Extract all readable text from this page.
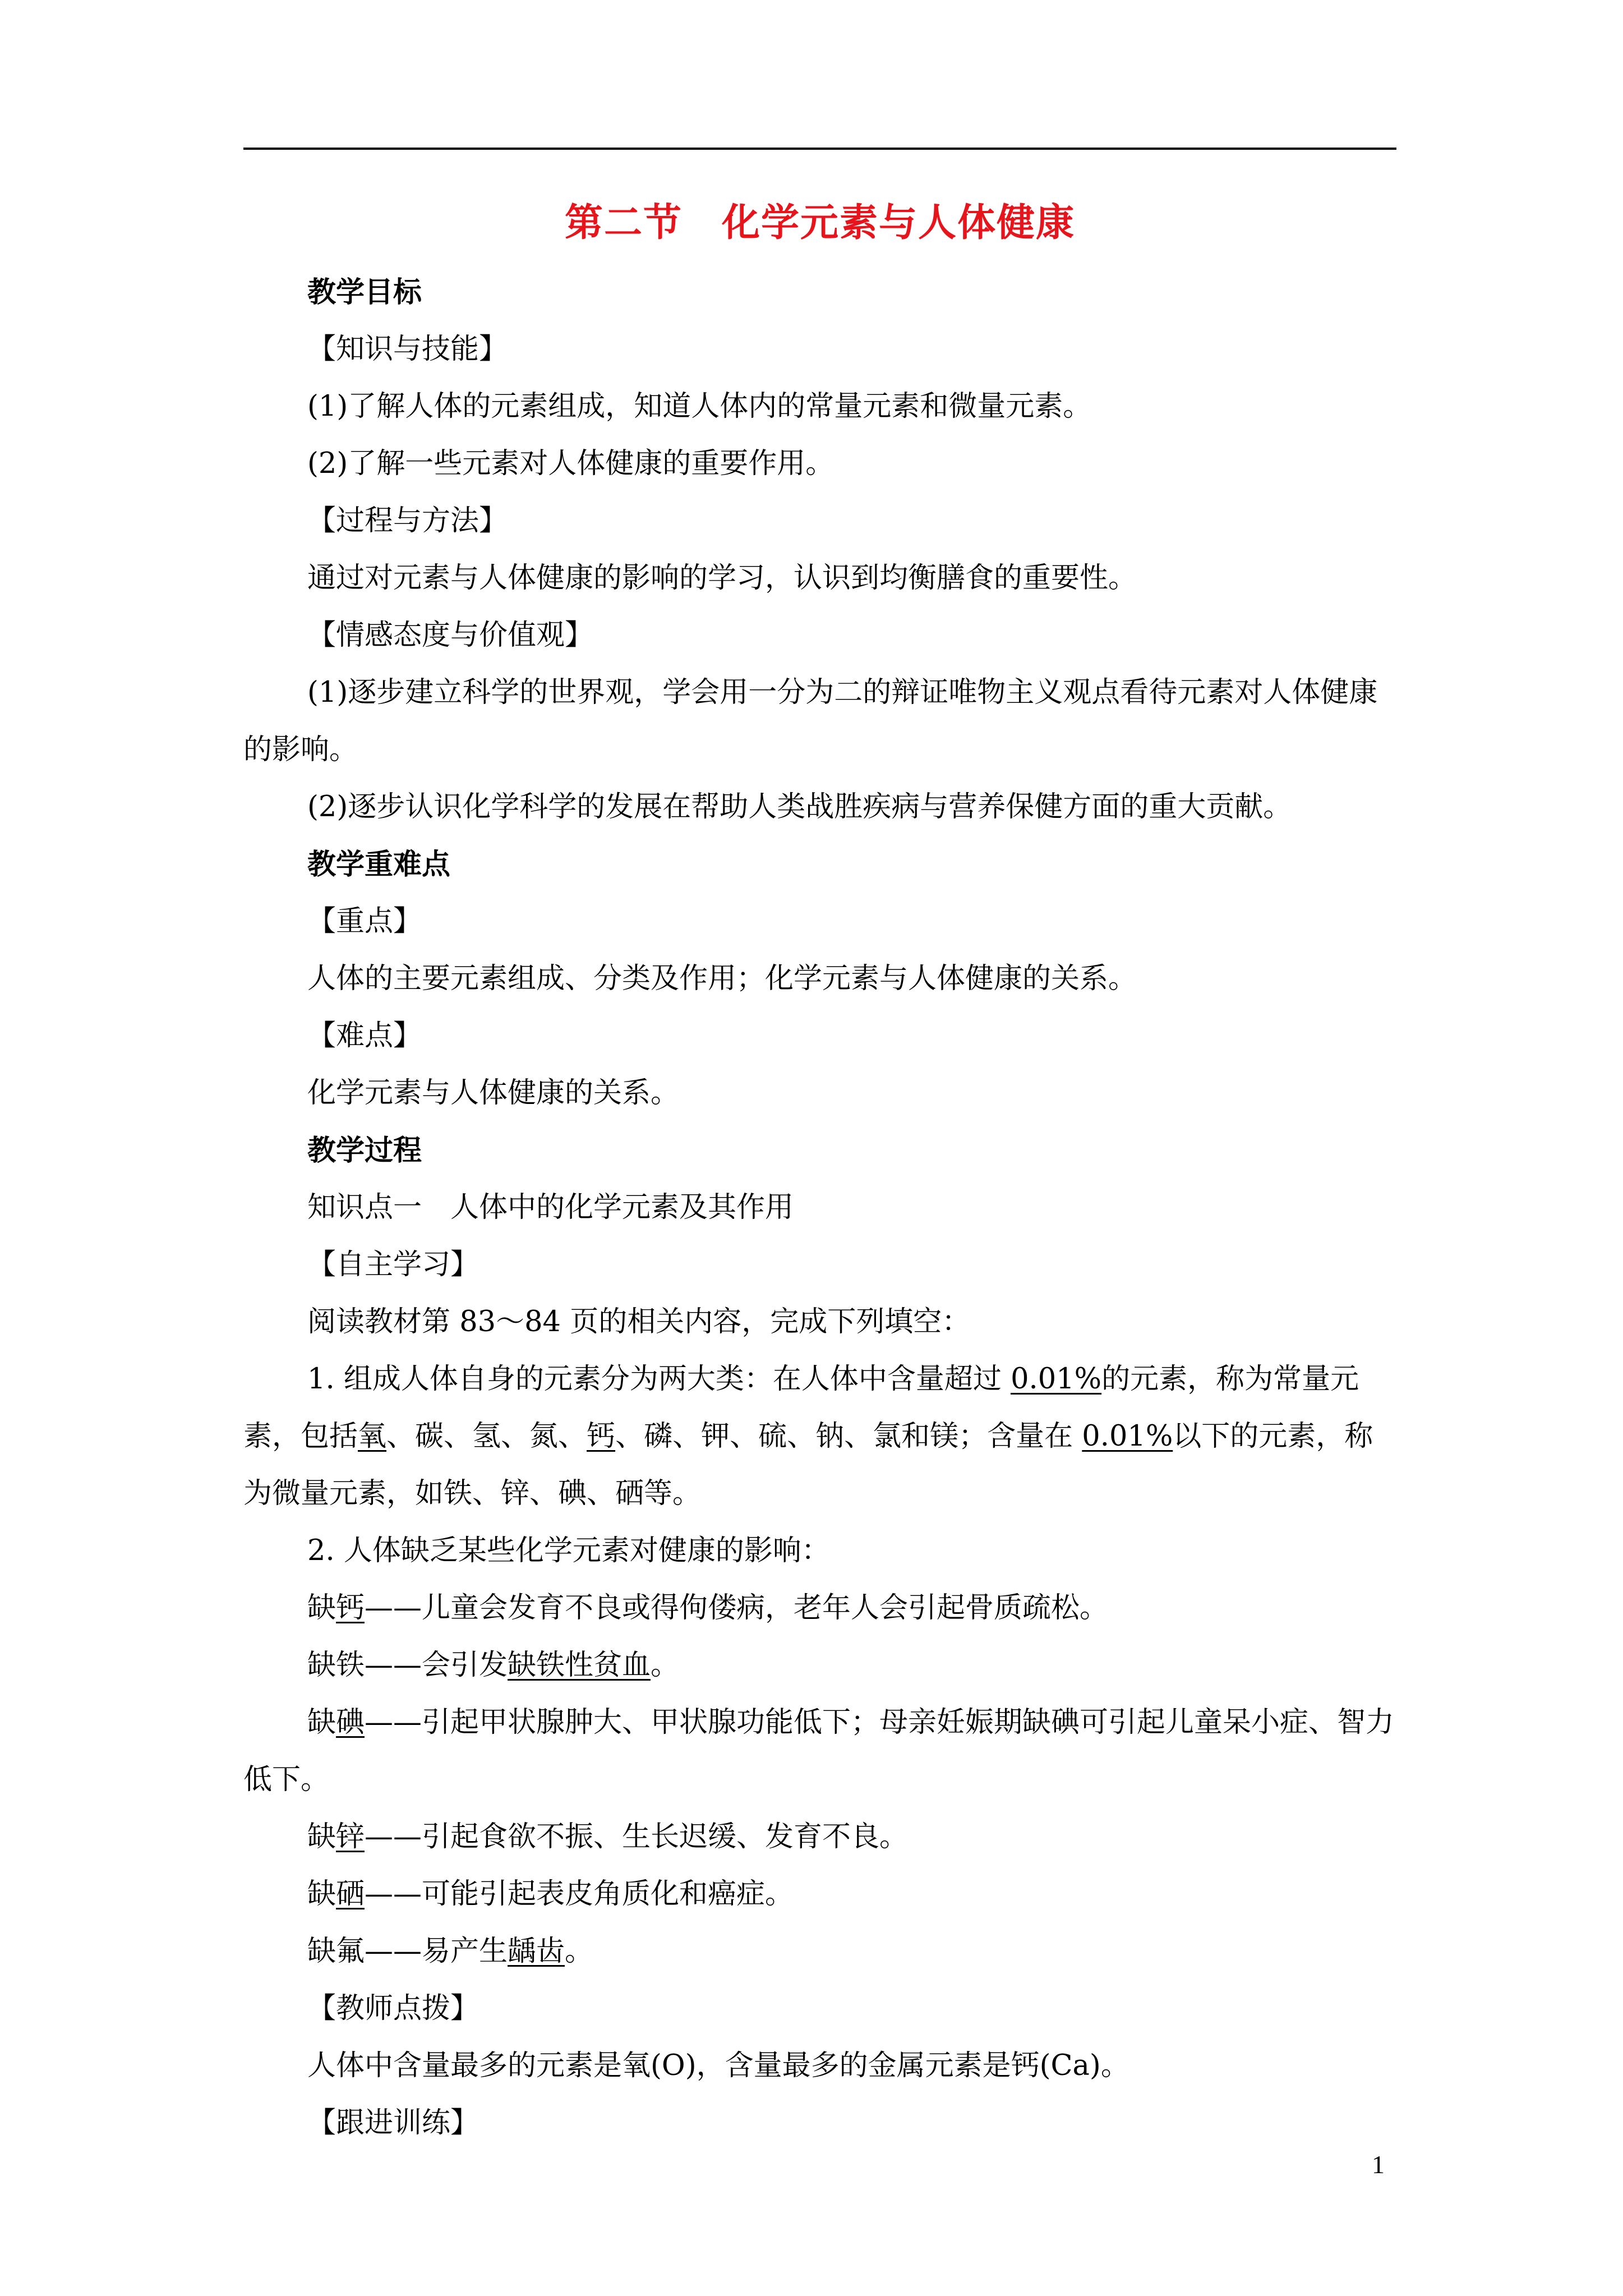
第二节　化学元素与人体健康

教学目标

【知识与技能】

(1)了解人体的元素组成，知道人体内的常量元素和微量元素。

(2)了解一些元素对人体健康的重要作用。

【过程与方法】

通过对元素与人体健康的影响的学习，认识到均衡膳食的重要性。

【情感态度与价值观】

(1)逐步建立科学的世界观，学会用一分为二的辩证唯物主义观点看待元素对人体健康的影响。

(2)逐步认识化学科学的发展在帮助人类战胜疾病与营养保健方面的重大贡献。

教学重难点

【重点】

人体的主要元素组成、分类及作用；化学元素与人体健康的关系。

【难点】

化学元素与人体健康的关系。

教学过程

知识点一　人体中的化学元素及其作用

【自主学习】

阅读教材第 83～84 页的相关内容，完成下列填空：

1. 组成人体自身的元素分为两大类：在人体中含量超过 0.01%的元素，称为常量元素，包括氧、碳、氢、氮、钙、磷、钾、硫、钠、氯和镁；含量在 0.01%以下的元素，称为微量元素，如铁、锌、碘、硒等。

2. 人体缺乏某些化学元素对健康的影响：

缺钙——儿童会发育不良或得佝偻病，老年人会引起骨质疏松。

缺铁——会引发缺铁性贫血。

缺碘——引起甲状腺肿大、甲状腺功能低下；母亲妊娠期缺碘可引起儿童呆小症、智力低下。

缺锌——引起食欲不振、生长迟缓、发育不良。

缺硒——可能引起表皮角质化和癌症。

缺氟——易产生龋齿。

【教师点拨】

人体中含量最多的元素是氧(O)，含量最多的金属元素是钙(Ca)。

【跟进训练】

1
